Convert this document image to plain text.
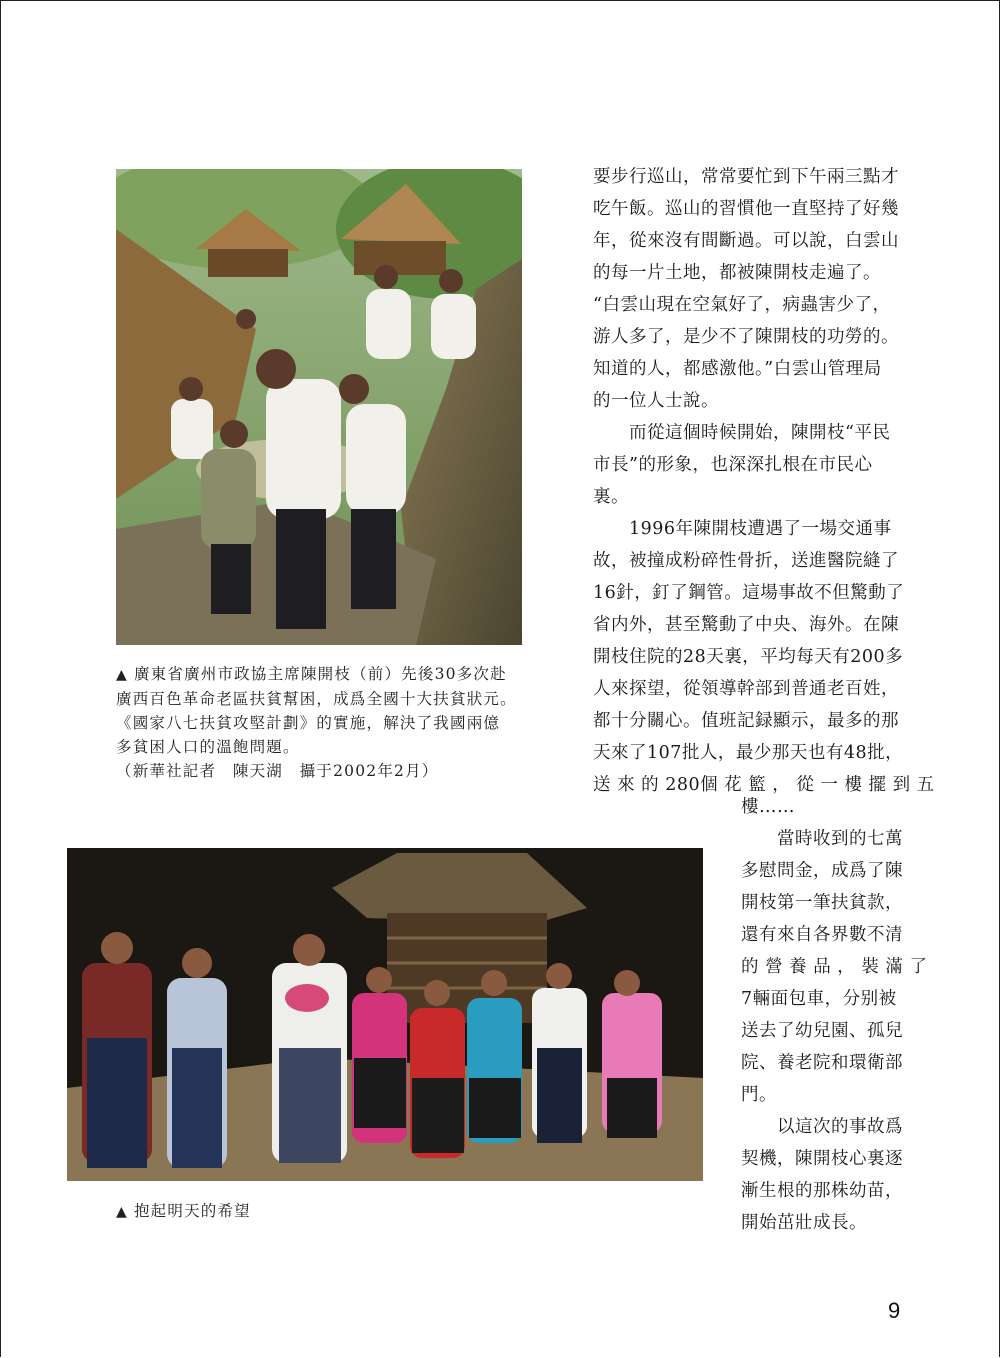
▲ 廣東省廣州市政協主席陳開枝（前）先後30多次赴
廣西百色革命老區扶貧幫困，成爲全國十大扶貧狀元。
《國家八七扶貧攻堅計劃》的實施，解決了我國兩億
多貧困人口的溫飽問題。
（新華社記者　陳天湖　攝于2002年2月）
要步行巡山，常常要忙到下午兩三點才
吃午飯。巡山的習慣他一直堅持了好幾
年，從來沒有間斷過。可以說，白雲山
的每一片土地，都被陳開枝走遍了。
“白雲山現在空氣好了，病蟲害少了，
游人多了，是少不了陳開枝的功勞的。
知道的人，都感激他。”白雲山管理局
的一位人士說。
　　而從這個時候開始，陳開枝“平民
市長”的形象，也深深扎根在市民心
裏。
　　1996年陳開枝遭遇了一場交通事
故，被撞成粉碎性骨折，送進醫院縫了
16針，釘了鋼管。這場事故不但驚動了
省内外，甚至驚動了中央、海外。在陳
開枝住院的28天裏，平均每天有200多
人來探望，從領導幹部到普通老百姓，
都十分關心。值班記録顯示，最多的那
天來了107批人，最少那天也有48批，
送 來 的 280個 花 籃 ， 從 一 樓 擺 到 五
▲ 抱起明天的希望
樓……
　　當時收到的七萬
多慰問金，成爲了陳
開枝第一筆扶貧款，
還有來自各界數不清
的 營 養 品 ， 裝 滿 了
7輛面包車，分别被
送去了幼兒園、孤兒
院、養老院和環衛部
門。
　　以這次的事故爲
契機，陳開枝心裏逐
漸生根的那株幼苗，
開始茁壯成長。
9
